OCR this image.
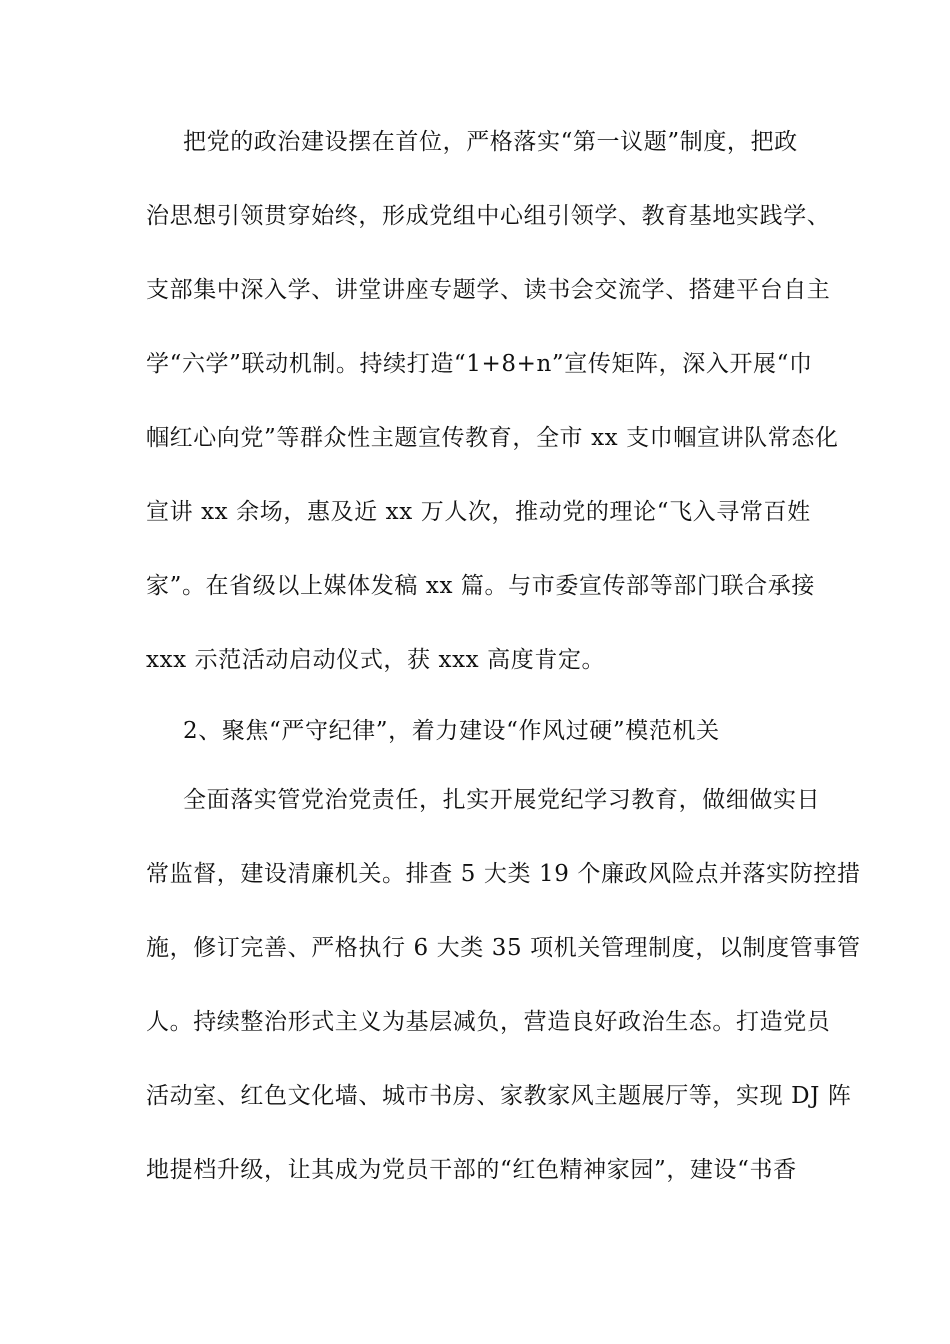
把党的政治建设摆在首位，严格落实“第一议题”制度，把政
治思想引领贯穿始终，形成党组中心组引领学、教育基地实践学、
支部集中深入学、讲堂讲座专题学、读书会交流学、搭建平台自主
学“六学”联动机制。持续打造“1+8+n”宣传矩阵，深入开展“巾
帼红心向党”等群众性主题宣传教育，全市 xx 支巾帼宣讲队常态化
宣讲 xx 余场，惠及近 xx 万人次，推动党的理论“飞入寻常百姓
家”。在省级以上媒体发稿 xx 篇。与市委宣传部等部门联合承接
xxx 示范活动启动仪式，获 xxx 高度肯定。
2、聚焦“严守纪律”，着力建设“作风过硬”模范机关
全面落实管党治党责任，扎实开展党纪学习教育，做细做实日
常监督，建设清廉机关。排查 5 大类 19 个廉政风险点并落实防控措
施，修订完善、严格执行 6 大类 35 项机关管理制度，以制度管事管
人。持续整治形式主义为基层减负，营造良好政治生态。打造党员
活动室、红色文化墙、城市书房、家教家风主题展厅等，实现 DJ 阵
地提档升级，让其成为党员干部的“红色精神家园”，建设“书香
